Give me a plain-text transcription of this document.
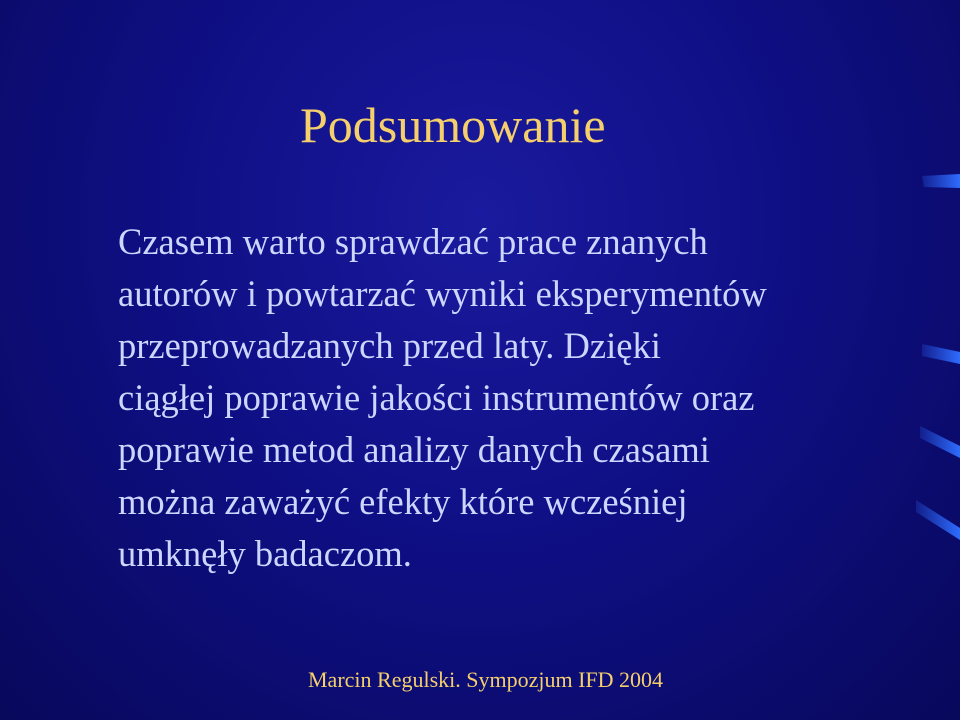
Podsumowanie
Czasem warto sprawdzać prace znanych
autorów i powtarzać wyniki eksperymentów
przeprowadzanych przed laty. Dzięki
ciągłej poprawie jakości instrumentów oraz
poprawie metod analizy danych czasami
można zaważyć efekty które wcześniej
umknęły badaczom.
Marcin Regulski. Sympozjum IFD 2004
